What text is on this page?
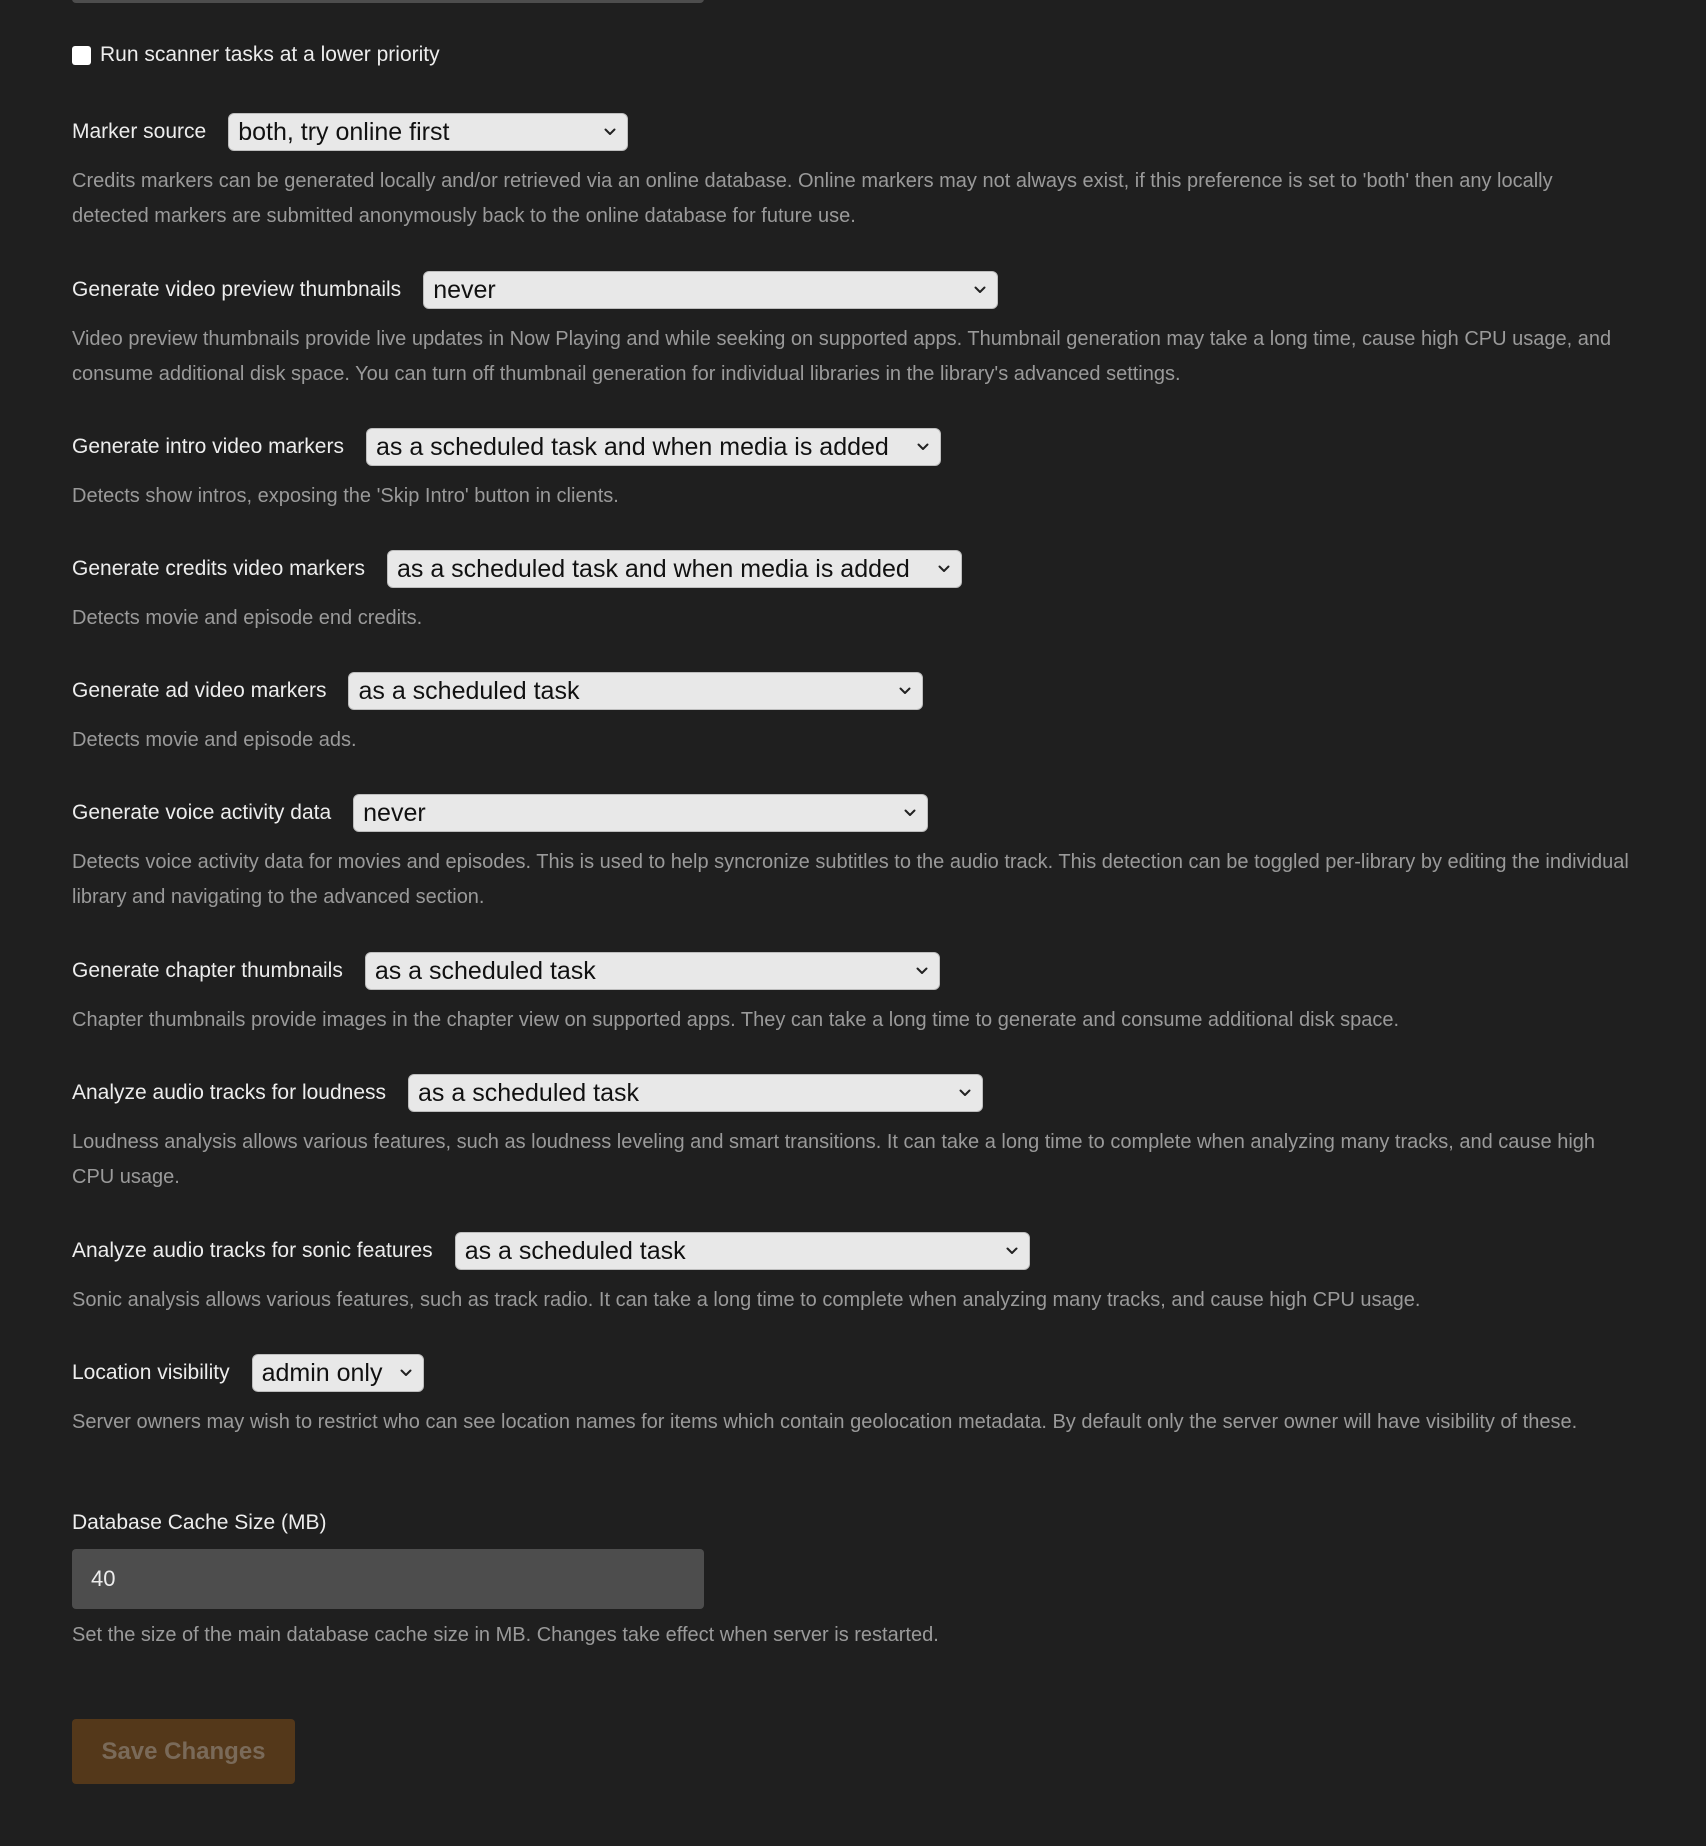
Run scanner tasks at a lower priority
Marker source both, try online first
Credits markers can be generated locally and/or retrieved via an online database. Online markers may not always exist, if this preference is set to 'both' then any locally detected markers are submitted anonymously back to the online database for future use.
Generate video preview thumbnails never
Video preview thumbnails provide live updates in Now Playing and while seeking on supported apps. Thumbnail generation may take a long time, cause high CPU usage, and consume additional disk space. You can turn off thumbnail generation for individual libraries in the library's advanced settings.
Generate intro video markers as a scheduled task and when media is added
Detects show intros, exposing the 'Skip Intro' button in clients.
Generate credits video markers as a scheduled task and when media is added
Detects movie and episode end credits.
Generate ad video markers as a scheduled task
Detects movie and episode ads.
Generate voice activity data never
Detects voice activity data for movies and episodes. This is used to help syncronize subtitles to the audio track. This detection can be toggled per-library by editing the individual library and navigating to the advanced section.
Generate chapter thumbnails as a scheduled task
Chapter thumbnails provide images in the chapter view on supported apps. They can take a long time to generate and consume additional disk space.
Analyze audio tracks for loudness as a scheduled task
Loudness analysis allows various features, such as loudness leveling and smart transitions. It can take a long time to complete when analyzing many tracks, and cause high CPU usage.
Analyze audio tracks for sonic features as a scheduled task
Sonic analysis allows various features, such as track radio. It can take a long time to complete when analyzing many tracks, and cause high CPU usage.
Location visibility admin only
Server owners may wish to restrict who can see location names for items which contain geolocation metadata. By default only the server owner will have visibility of these.
Database Cache Size (MB)
40
Set the size of the main database cache size in MB. Changes take effect when server is restarted.
Save Changes
